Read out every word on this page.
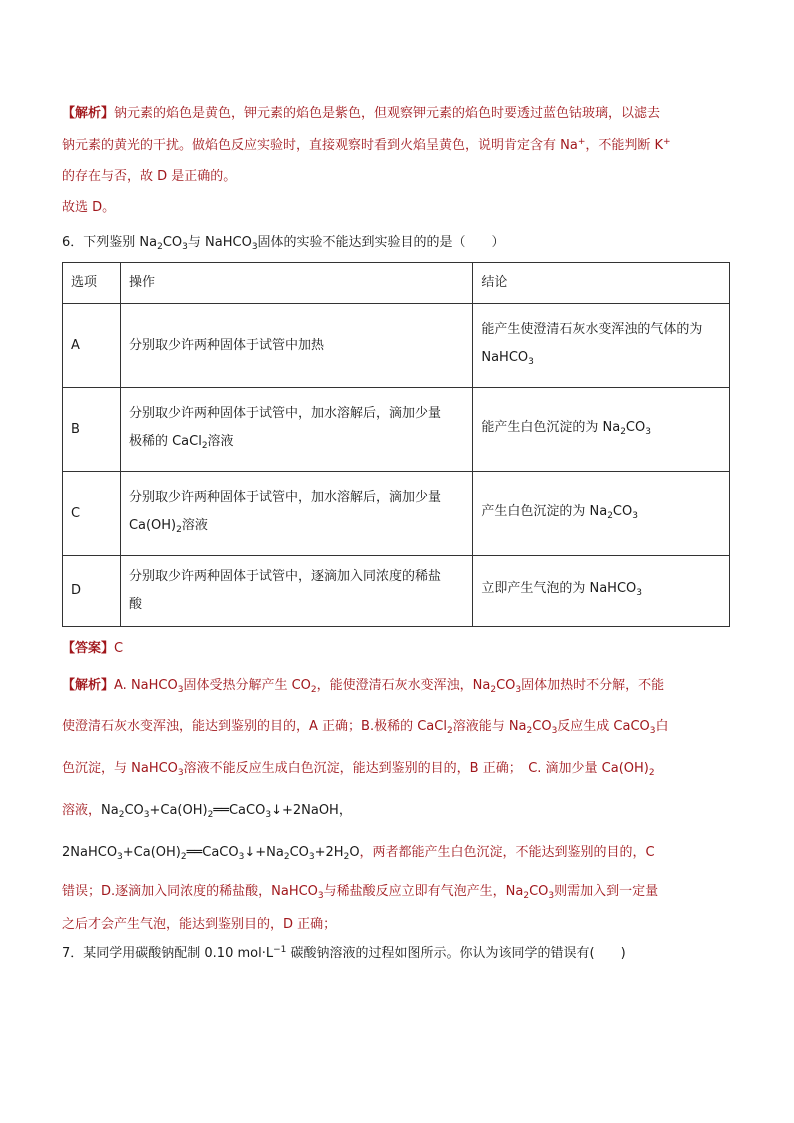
【解析】钠元素的焰色是黄色，钾元素的焰色是紫色，但观察钾元素的焰色时要透过蓝色钴玻璃，以滤去
钠元素的黄光的干扰。做焰色反应实验时，直接观察时看到火焰呈黄色，说明肯定含有 Na+，不能判断 K+
的存在与否，故 D 是正确的。
故选 D。
6．下列鉴别 $Na_2CO_3$与 NaHCO$_3$固体的实验不能达到实验目的的是（　　）
选项	操作	结论
A	分别取少许两种固体于试管中加热	能产生使澄清石灰水变浑浊的气体的为
NaHCO$_3$

B	分别取少许两种固体于试管中，加水溶解后，滴加少量
极稀的 CaCl$_2$溶液	能产生白色沉淀的为 $Na_2CO_3$
C	分别取少许两种固体于试管中，加水溶解后，滴加少量
$Ca(OH)_2$溶液	产生白色沉淀的为 $Na_2CO_3$
D	分别取少许两种固体于试管中，逐滴加入同浓度的稀盐
酸	立即产生气泡的为 NaHCO$_3$
【答案】C
【解析】A. NaHCO$_3$固体受热分解产生 $CO_2$，能使澄清石灰水变浑浊，$Na_2CO_3$固体加热时不分解，不能
使澄清石灰水变浑浊，能达到鉴别的目的，A 正确；B.极稀的 CaCl$_2$溶液能与 $Na_2CO_3$反应生成 CaCO$_3$白
色沉淀，与 NaHCO$_3$溶液不能反应生成白色沉淀，能达到鉴别的目的，B 正确；　C. 滴加少量 $Ca(OH)_2$
溶液，$Na_2CO_3+Ca(OH)_2══CaCO_3↓+2NaOH$，
$2NaHCO_3+Ca(OH)_2══CaCO_3↓+Na_2CO_3+2H_2O$，两者都能产生白色沉淀，不能达到鉴别的目的，C
错误；D.逐滴加入同浓度的稀盐酸，NaHCO$_3$与稀盐酸反应立即有气泡产生，$Na_2CO_3$则需加入到一定量
之后才会产生气泡，能达到鉴别目的，D 正确；
7．某同学用碳酸钠配制 0.10 $mol\cdot L^{-1}$ 碳酸钠溶液的过程如图所示。你认为该同学的错误有(　　)
